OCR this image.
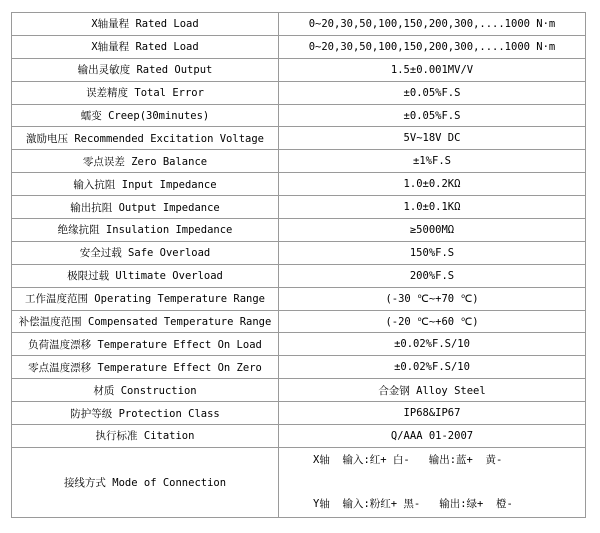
X轴量程 Rated Load	0~20,30,50,100,150,200,300,....1000 N·m
X轴量程 Rated Load	0~20,30,50,100,150,200,300,....1000 N·m
输出灵敏度 Rated Output	1.5±0.001MV/V
误差精度 Total Error	±0.05%F.S
蠕变 Creep(30minutes)	±0.05%F.S
激励电压 Recommended Excitation Voltage	5V~18V DC
零点误差 Zero Balance	±1%F.S
输入抗阻 Input Impedance	1.0±0.2KΩ
输出抗阻 Output Impedance	1.0±0.1KΩ
绝缘抗阻 Insulation Impedance	≥5000MΩ
安全过载 Safe Overload	150%F.S
极限过载 Ultimate Overload	200%F.S
工作温度范围 Operating Temperature Range	(-30 ℃~+70 ℃)
补偿温度范围 Compensated Temperature Range	(-20 ℃~+60 ℃)
负荷温度漂移 Temperature Effect On Load	±0.02%F.S/10
零点温度漂移 Temperature Effect On Zero	±0.02%F.S/10
材质 Construction	合金钢 Alloy Steel
防护等级 Protection Class	IP68&IP67
执行标准 Citation	Q/AAA 01-2007
接线方式 Mode of Connection	X轴  输入:红+ 白-   输出:蓝+  黄-
Y轴  输入:粉红+ 黑-   输出:绿+  橙-
